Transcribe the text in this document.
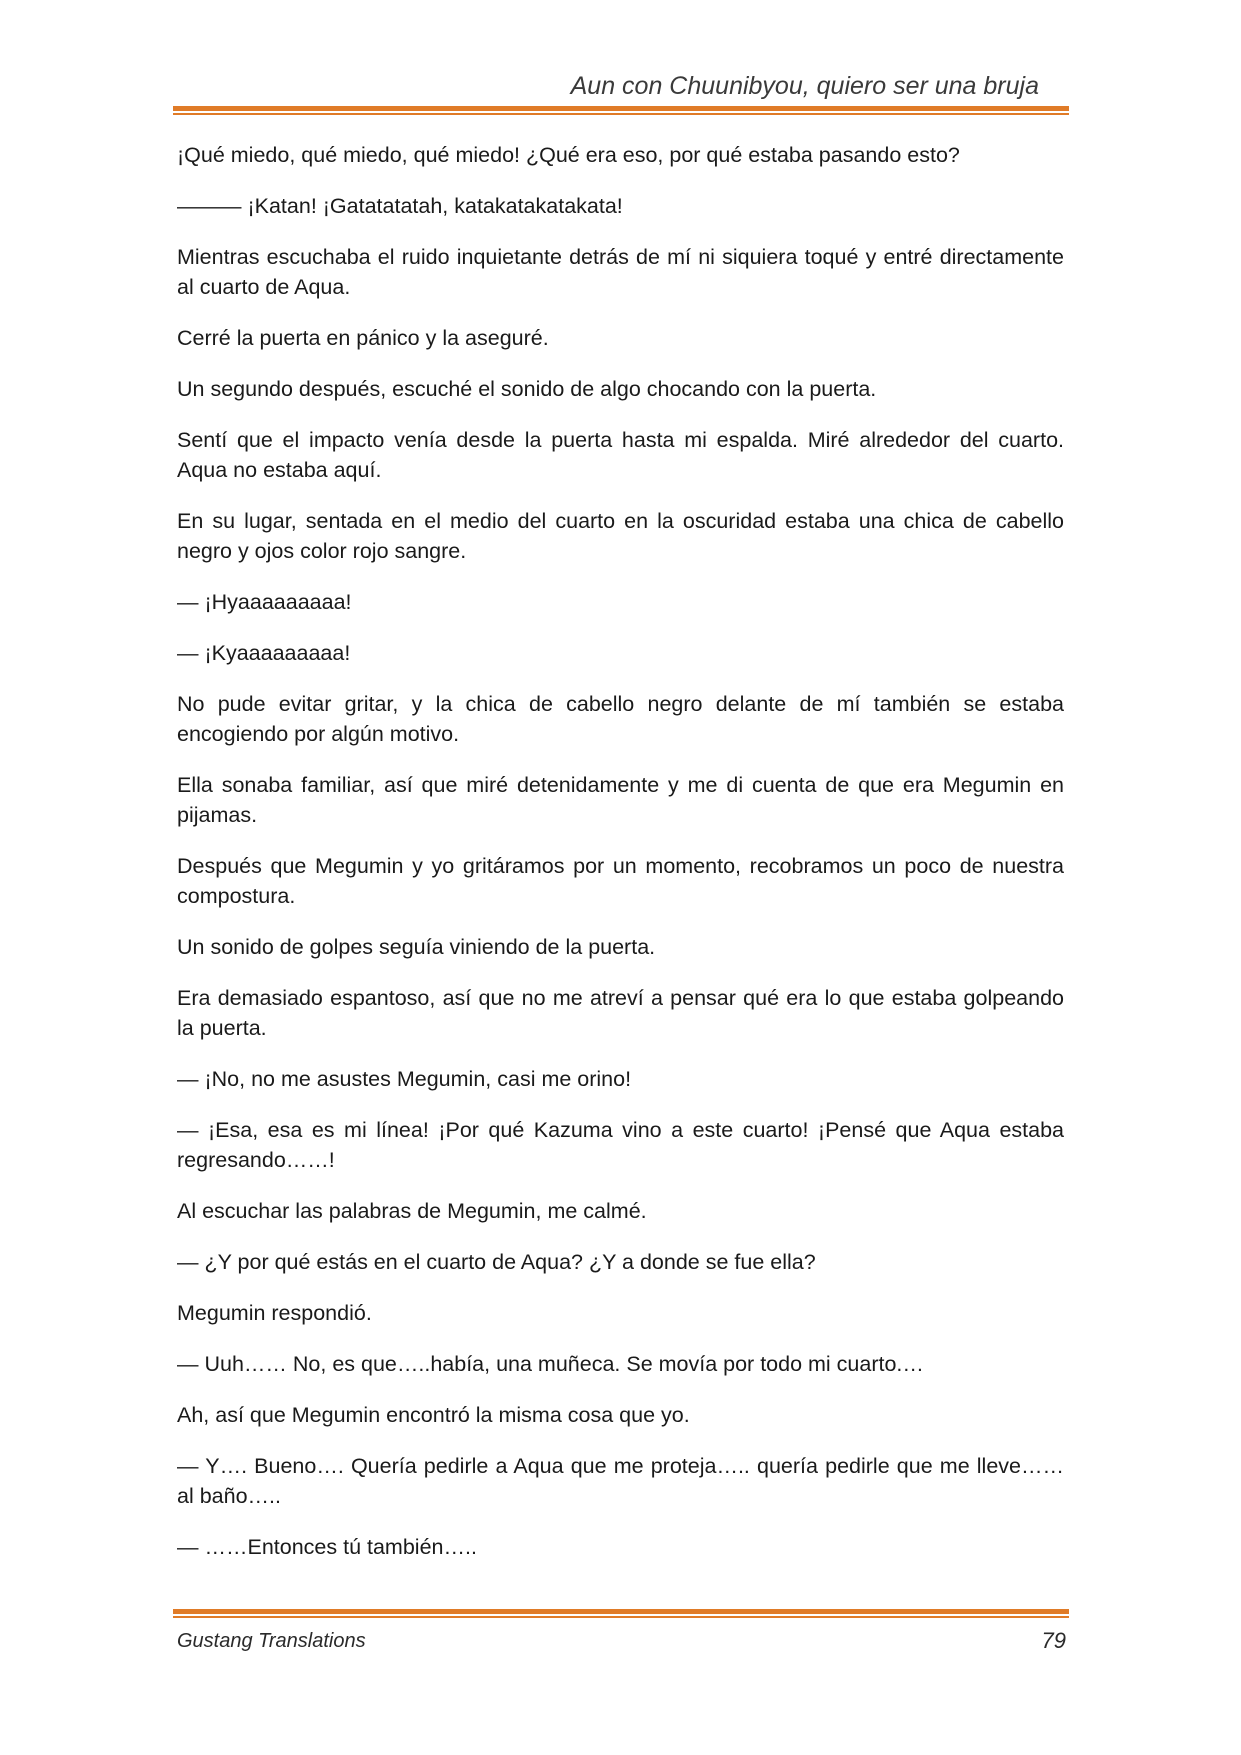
Aun con Chuunibyou, quiero ser una bruja

¡Qué miedo, qué miedo, qué miedo! ¿Qué era eso, por qué estaba pasando esto?

——— ¡Katan! ¡Gatatatatah, katakatakatakata!

Mientras escuchaba el ruido inquietante detrás de mí ni siquiera toqué y entré directamente al cuarto de Aqua.

Cerré la puerta en pánico y la aseguré.

Un segundo después, escuché el sonido de algo chocando con la puerta.

Sentí que el impacto venía desde la puerta hasta mi espalda. Miré alrededor del cuarto. Aqua no estaba aquí.

En su lugar, sentada en el medio del cuarto en la oscuridad estaba una chica de cabello negro y ojos color rojo sangre.

— ¡Hyaaaaaaaaa!

— ¡Kyaaaaaaaaa!

No pude evitar gritar, y la chica de cabello negro delante de mí también se estaba encogiendo por algún motivo.

Ella sonaba familiar, así que miré detenidamente y me di cuenta de que era Megumin en pijamas.

Después que Megumin y yo gritáramos por un momento, recobramos un poco de nuestra compostura.

Un sonido de golpes seguía viniendo de la puerta.

Era demasiado espantoso, así que no me atreví a pensar qué era lo que estaba golpeando la puerta.

— ¡No, no me asustes Megumin, casi me orino!

— ¡Esa, esa es mi línea! ¡Por qué Kazuma vino a este cuarto! ¡Pensé que Aqua estaba regresando……!

Al escuchar las palabras de Megumin, me calmé.

— ¿Y por qué estás en el cuarto de Aqua? ¿Y a donde se fue ella?

Megumin respondió.

— Uuh…… No, es que…..había, una muñeca. Se movía por todo mi cuarto.…

Ah, así que Megumin encontró la misma cosa que yo.

— Y…. Bueno…. Quería pedirle a Aqua que me proteja….. quería pedirle que me lleve……al baño…..

— ……Entonces tú también…..

Gustang Translations	79
